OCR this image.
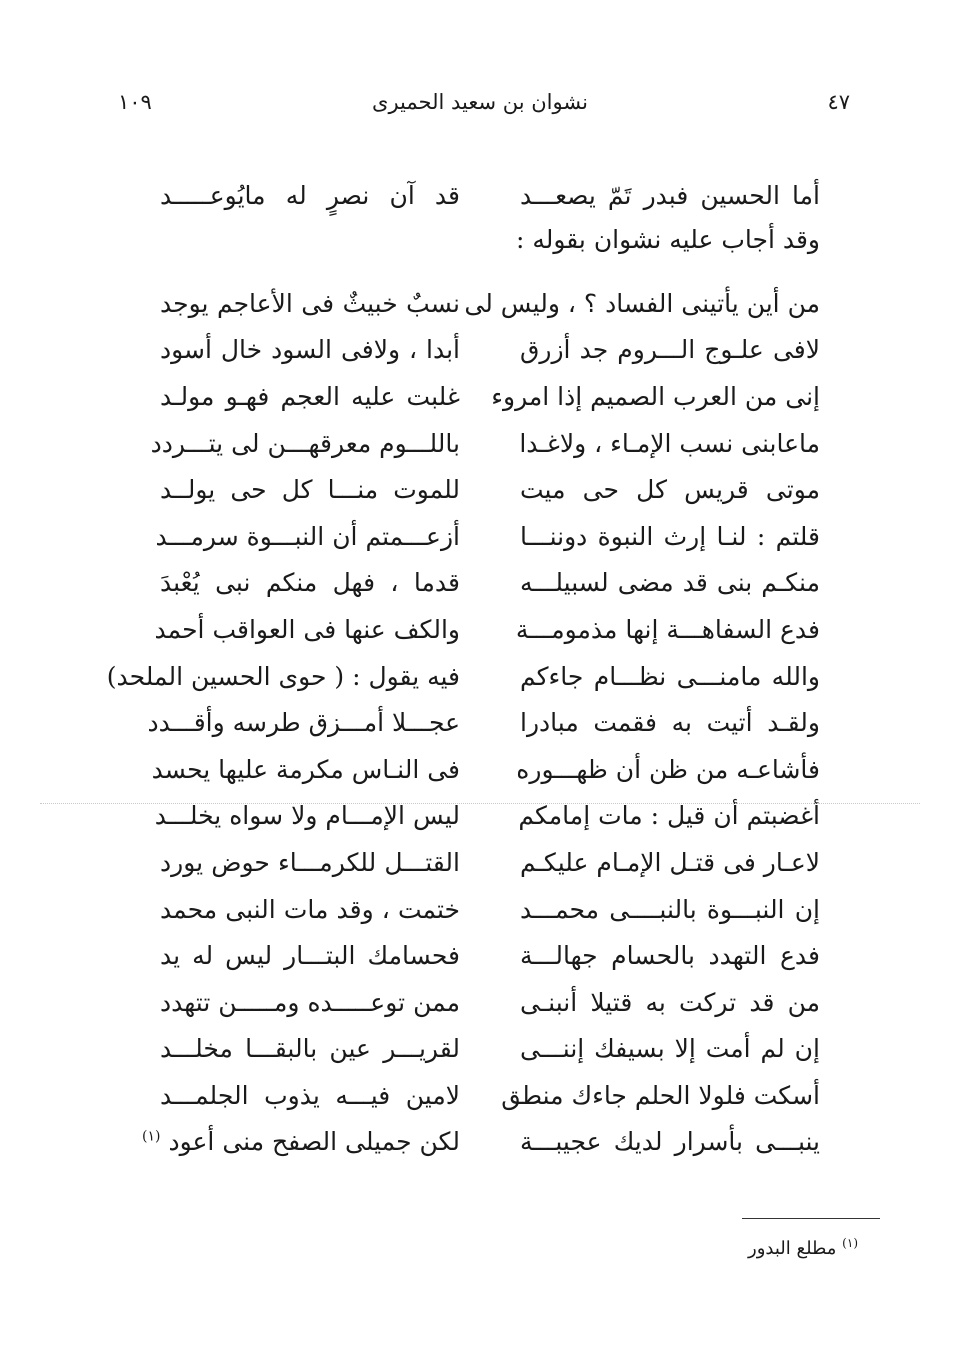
٤٧
نشوان بن سعيد الحميرى
١٠٩
أما الحسين فبدر تَمّ يصعـــد
قد آن نصرٍ له مايُوعـــــد
وقد أجاب عليه نشوان بقوله :
من أين يأتينى الفساد ؟ ، وليس لى
نسبٌ خبيثٌ فى الأعاجم يوجد
لافى علـوج الـــروم جد أزرق
أبدا ، ولافى السود خال أسود
إنى من العرب الصميم إذا امروء
غلبت عليه العجم فهـو مولـد
ماعابنى نسب الإمـاء ، ولاغـدا
باللـــوم معرقهـــن لى يتـــردد
موتى قريس كل حى ميت
للموت منـــا كل حى يولــد
قلتم : لنـا إرث النبوة دوننـــا
أزعـــمتم أن النبـــوة سرمـــد
منكـم بنى قد مضى لسبيلـــه
قدما ، فهل منكم نبى يُعْبدَ
فدع السفاهـــة إنها مذمومـــة
والكف عنها فى العواقب أحمد
والله مامنـــى نظـــام جاءكم
فيه يقول : ( حوى الحسين الملحد)
ولقـد أتيت به فقمت مبادرا
عجـــلا أمـــزق طرسه وأقـــدد
فأشاعـه من ظن أن ظهـــوره
فى النـاس مكرمة عليها يحسد
أغضبتم أن قيل : مات إمامكم
ليس الإمـــام ولا سواه يخلـــد
لاعـار فى قتـل الإمـام عليكـم
القتـــل للكرمـــاء حوض يورد
إن النبـــوة بالنبــــى محمـــد
ختمت ، وقد مات النبى محمد
فدع التهدد بالحسام جهالـــة
فحسامك البتـــار ليس له يد
من قد تركت به قتيلا أنبنـى
ممن توعـــــده ومـــــن تتهدد
إن لم أمت إلا بسيفك إننـــى
لقريـــر عين بالبقـــا مخلـــد
أسكت فلولا الحلم جاءك منطق
لامين فيـــه يذوب الجلمـــد
ينبـــى بأسرار لديك عجيبـــة
لكن جميلى الصفح منى أعود $^{(١)}$
$^{(١)}$ مطلع البدور
